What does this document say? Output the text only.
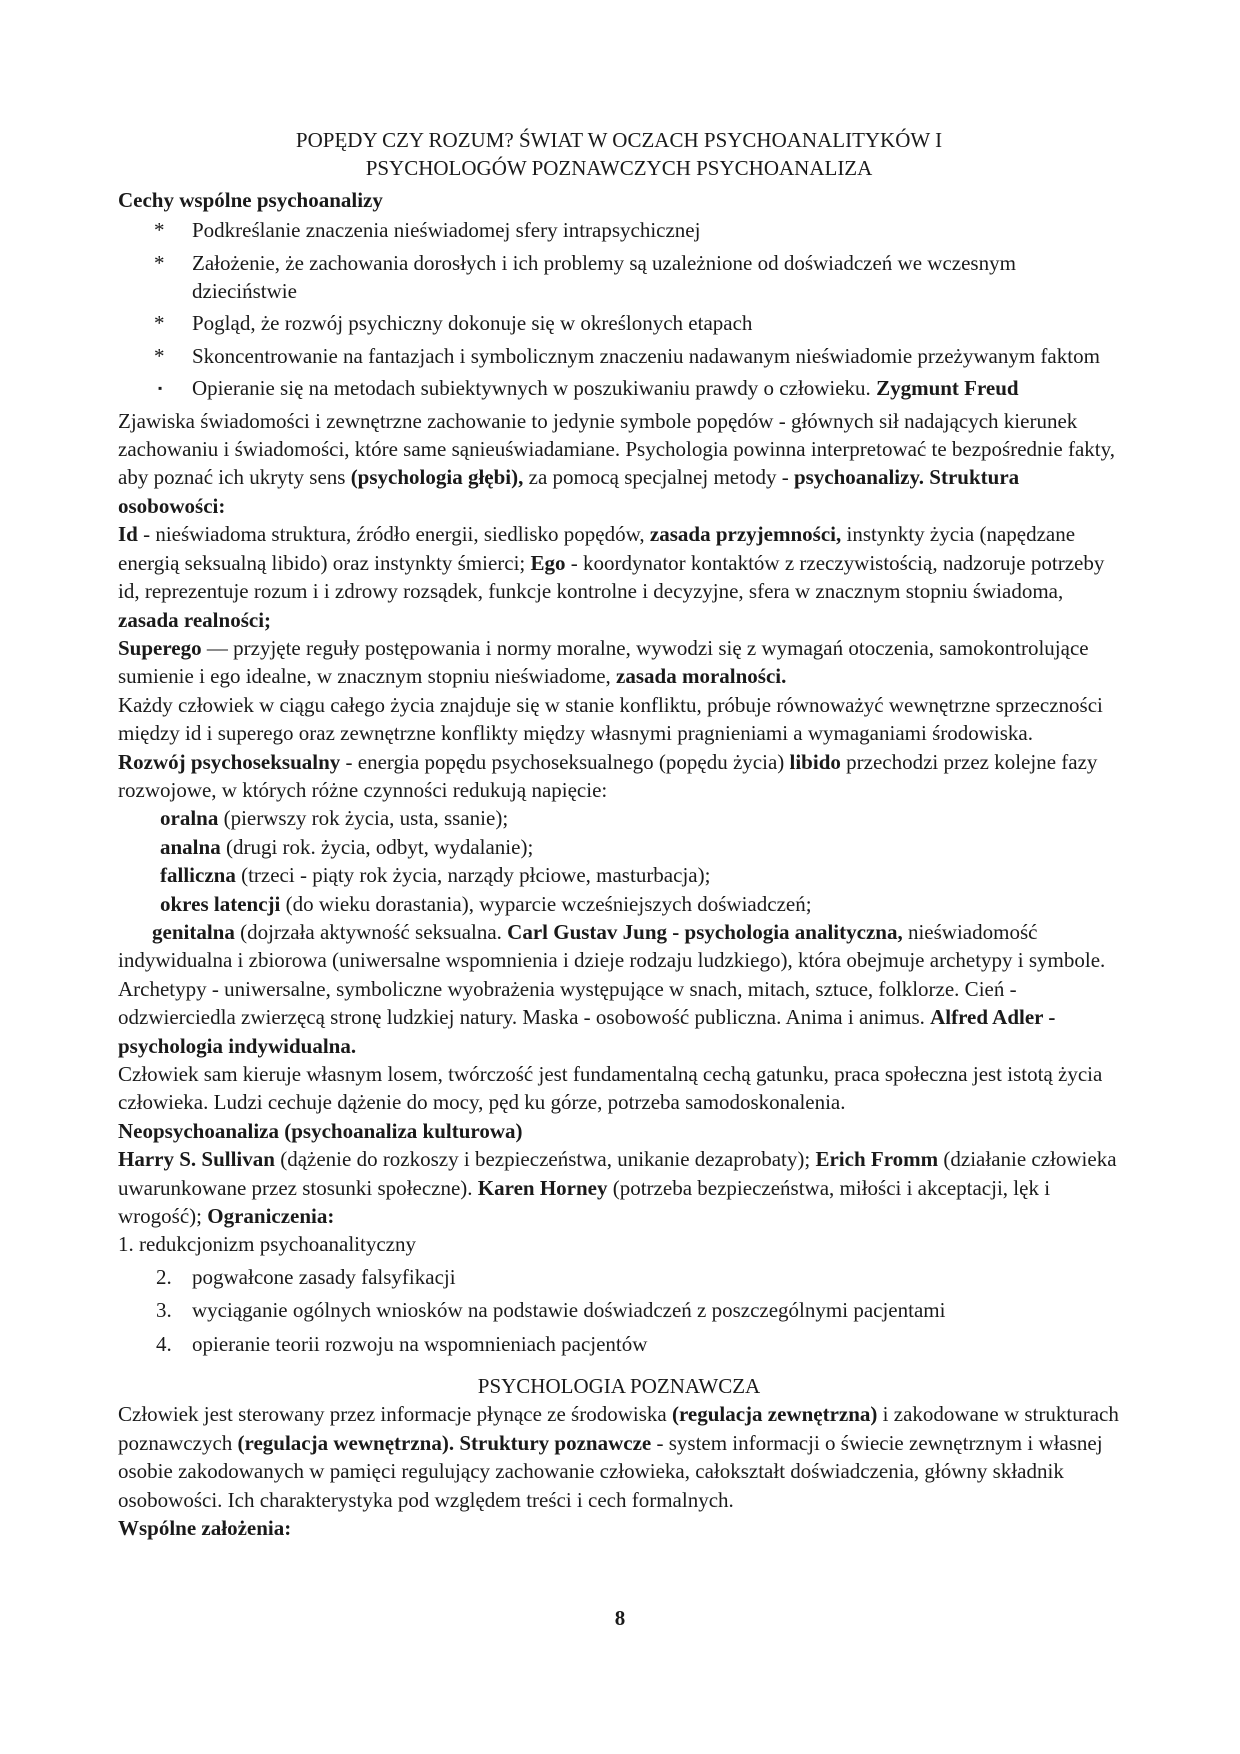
POPĘDY CZY ROZUM? ŚWIAT W OCZACH PSYCHOANALITYKÓW I
PSYCHOLOGÓW POZNAWCZYCH PSYCHOANALIZA

Cechy wspólne psychoanalizy

* Podkreślanie znaczenia nieświadomej sfery intrapsychicznej
* Założenie, że zachowania dorosłych i ich problemy są uzależnione od doświadczeń we wczesnym dzieciństwie
* Pogląd, że rozwój psychiczny dokonuje się w określonych etapach
* Skoncentrowanie na fantazjach i symbolicznym znaczeniu nadawanym nieświadomie przeżywanym faktom
▪ Opieranie się na metodach subiektywnych w poszukiwaniu prawdy o człowieku. Zygmunt Freud

Zjawiska świadomości i zewnętrzne zachowanie to jedynie symbole popędów - głównych sił nadających kierunek zachowaniu i świadomości, które same sąnieuświadamiane. Psychologia powinna interpretować te bezpośrednie fakty, aby poznać ich ukryty sens (psychologia głębi), za pomocą specjalnej metody - psychoanalizy. Struktura osobowości:

Id - nieświadoma struktura, źródło energii, siedlisko popędów, zasada przyjemności, instynkty życia (napędzane energią seksualną libido) oraz instynkty śmierci; Ego - koordynator kontaktów z rzeczywistością, nadzoruje potrzeby id, reprezentuje rozum i i zdrowy rozsądek, funkcje kontrolne i decyzyjne, sfera w znacznym stopniu świadoma, zasada realności;

Superego — przyjęte reguły postępowania i normy moralne, wywodzi się z wymagań otoczenia, samokontrolujące sumienie i ego idealne, w znacznym stopniu nieświadome, zasada moralności.

Każdy człowiek w ciągu całego życia znajduje się w stanie konfliktu, próbuje równoważyć wewnętrzne sprzeczności między id i superego oraz zewnętrzne konflikty między własnymi pragnieniami a wymaganiami środowiska.

Rozwój psychoseksualny - energia popędu psychoseksualnego (popędu życia) libido przechodzi przez kolejne fazy rozwojowe, w których różne czynności redukują napięcie:

oralna (pierwszy rok życia, usta, ssanie);

analna (drugi rok. życia, odbyt, wydalanie);

falliczna (trzeci - piąty rok życia, narządy płciowe, masturbacja);

okres latencji (do wieku dorastania), wyparcie wcześniejszych doświadczeń;

genitalna (dojrzała aktywność seksualna. Carl Gustav Jung - psychologia analityczna, nieświadomość indywidualna i zbiorowa (uniwersalne wspomnienia i dzieje rodzaju ludzkiego), która obejmuje archetypy i symbole. Archetypy - uniwersalne, symboliczne wyobrażenia występujące w snach, mitach, sztuce, folklorze. Cień - odzwierciedla zwierzęcą stronę ludzkiej natury. Maska - osobowość publiczna. Anima i animus. Alfred Adler - psychologia indywidualna.

Człowiek sam kieruje własnym losem, twórczość jest fundamentalną cechą gatunku, praca społeczna jest istotą życia człowieka. Ludzi cechuje dążenie do mocy, pęd ku górze, potrzeba samodoskonalenia.

Neopsychoanaliza (psychoanaliza kulturowa)

Harry S. Sullivan (dążenie do rozkoszy i bezpieczeństwa, unikanie dezaprobaty); Erich Fromm (działanie człowieka uwarunkowane przez stosunki społeczne). Karen Horney (potrzeba bezpieczeństwa, miłości i akceptacji, lęk i wrogość); Ograniczenia:

1. redukcjonizm psychoanalityczny

2. pogwałcone zasady falsyfikacji
3. wyciąganie ogólnych wniosków na podstawie doświadczeń z poszczególnymi pacjentami
4. opieranie teorii rozwoju na wspomnieniach pacjentów

PSYCHOLOGIA POZNAWCZA

Człowiek jest sterowany przez informacje płynące ze środowiska (regulacja zewnętrzna) i zakodowane w strukturach poznawczych (regulacja wewnętrzna). Struktury poznawcze - system informacji o świecie zewnętrznym i własnej osobie zakodowanych w pamięci regulujący zachowanie człowieka, całokształt doświadczenia, główny składnik osobowości. Ich charakterystyka pod względem treści i cech formalnych.

Wspólne założenia:

8
